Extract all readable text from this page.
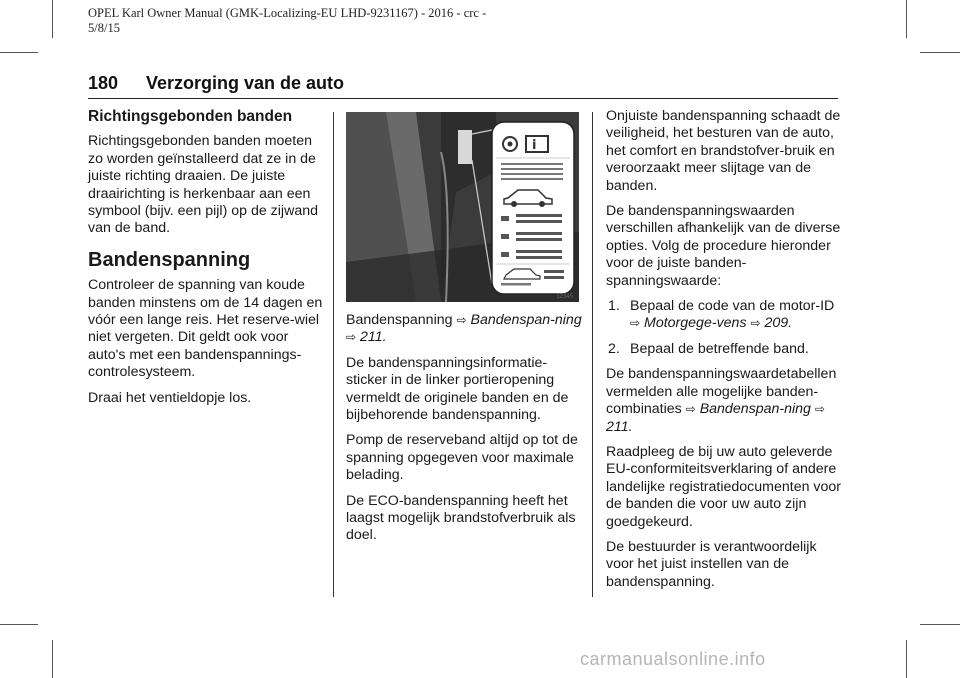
OPEL Karl Owner Manual (GMK-Localizing-EU LHD-9231167) - 2016 - crc -
5/8/15
180 Verzorging van de auto
Richtingsgebonden banden

Richtingsgebonden banden moeten zo worden geïnstalleerd dat ze in de juiste richting draaien. De juiste draairichting is herkenbaar aan een symbool (bijv. een pijl) op de zijwand van de band.

Bandenspanning

Controleer de spanning van koude banden minstens om de 14 dagen en vóór een lange reis. Het reserve-wiel niet vergeten. Dit geldt ook voor auto's met een bandenspannings-controlesysteem.

Draai het ventieldopje los.

i
12345

Bandenspanning ⇨ Bandenspan-ning ⇨ 211.

De bandenspanningsinformatie-sticker in de linker portieropening vermeldt de originele banden en de bijbehorende bandenspanning.

Pomp de reserveband altijd op tot de spanning opgegeven voor maximale belading.

De ECO-bandenspanning heeft het laagst mogelijk brandstofverbruik als doel.

Onjuiste bandenspanning schaadt de veiligheid, het besturen van de auto, het comfort en brandstofver-bruik en veroorzaakt meer slijtage van de banden.

De bandenspanningswaarden verschillen afhankelijk van de diverse opties. Volg de procedure hieronder voor de juiste banden-spanningswaarde:

1. Bepaal de code van de motor-ID ⇨ Motorgege-vens ⇨ 209.
2. Bepaal de betreffende band.

De bandenspanningswaardetabellen vermelden alle mogelijke banden-combinaties ⇨ Bandenspan-ning ⇨ 211.

Raadpleeg de bij uw auto geleverde EU-conformiteitsverklaring of andere landelijke registratiedocumenten voor de banden die voor uw auto zijn goedgekeurd.

De bestuurder is verantwoordelijk voor het juist instellen van de bandenspanning.

carmanualsonline.info
